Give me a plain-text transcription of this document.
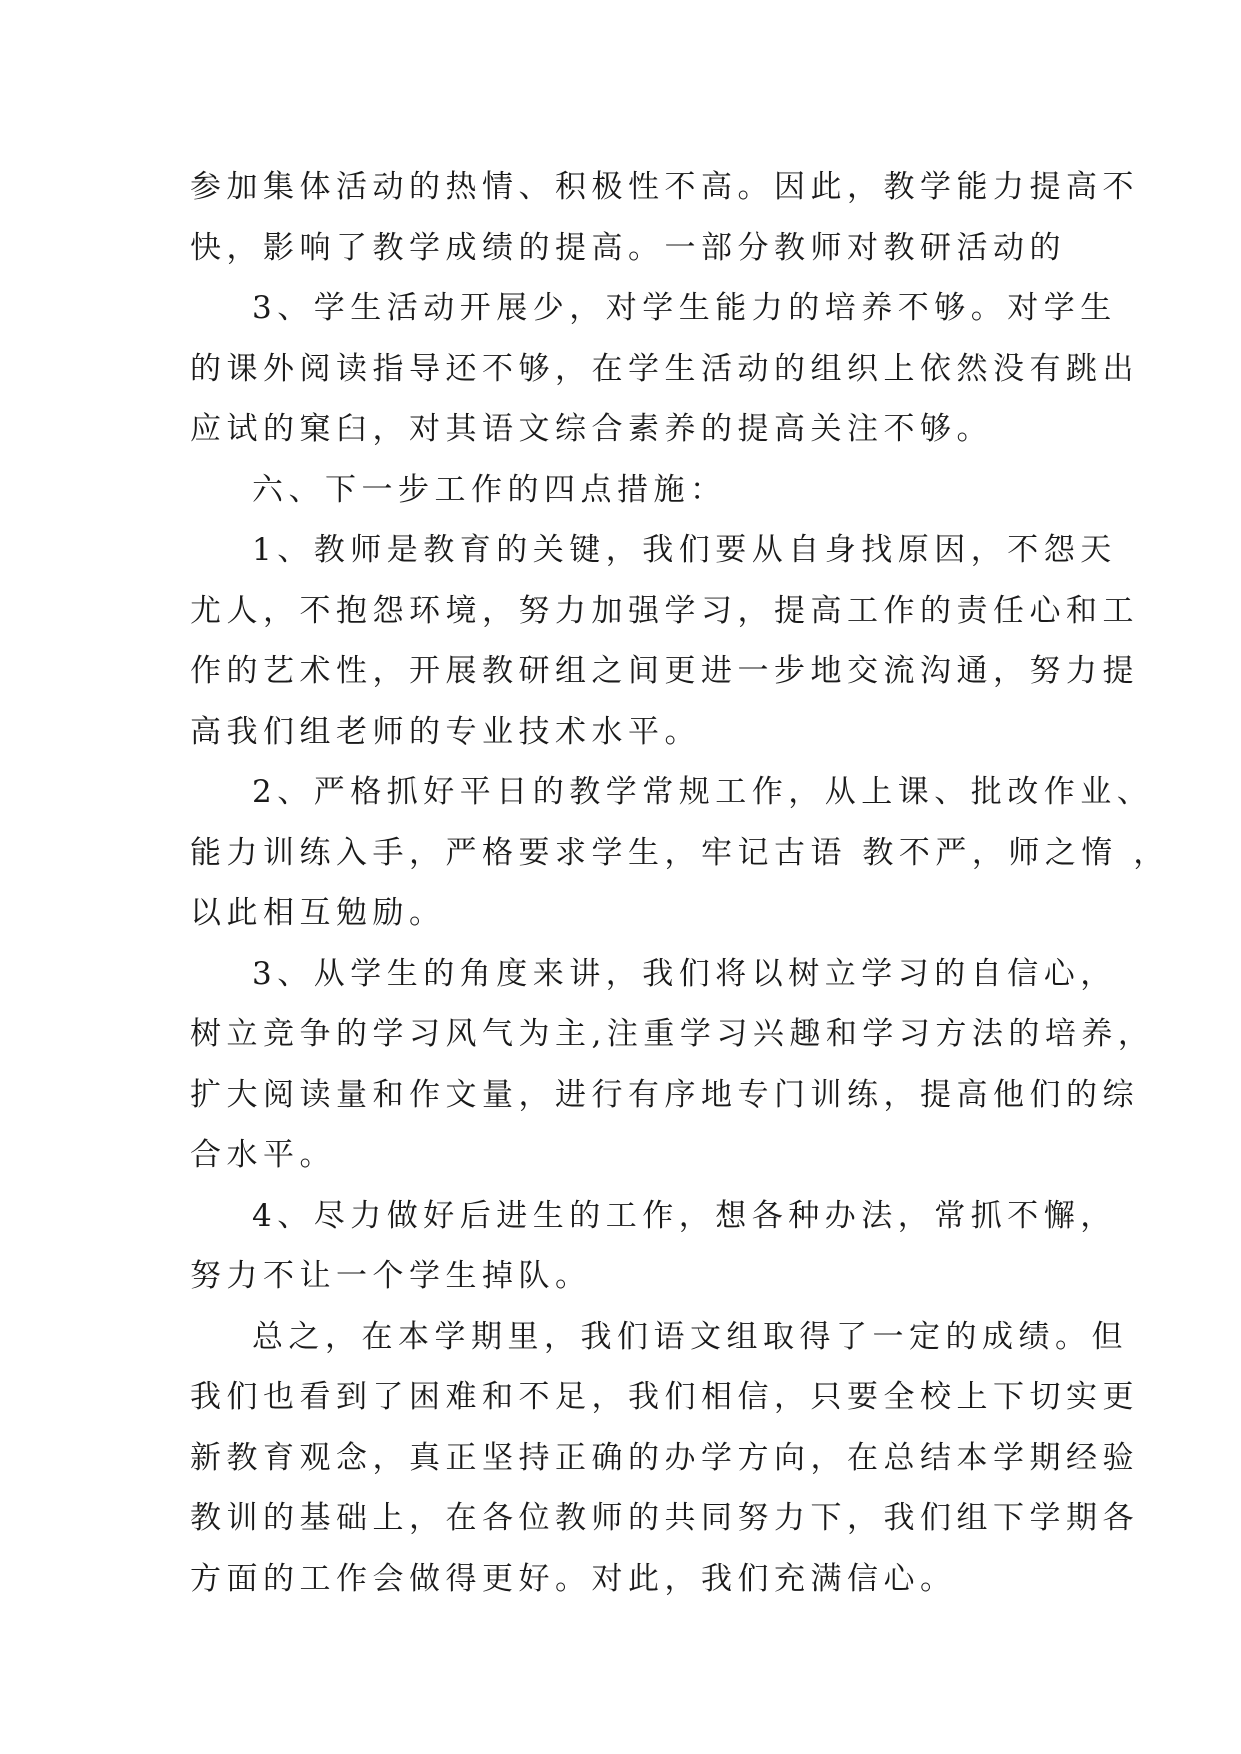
参加集体活动的热情、积极性不高。因此，教学能力提高不
快，影响了教学成绩的提高。一部分教师对教研活动的
3、学生活动开展少，对学生能力的培养不够。对学生
的课外阅读指导还不够，在学生活动的组织上依然没有跳出
应试的窠臼，对其语文综合素养的提高关注不够。
六、下一步工作的四点措施：
1、教师是教育的关键，我们要从自身找原因，不怨天
尤人，不抱怨环境，努力加强学习，提高工作的责任心和工
作的艺术性，开展教研组之间更进一步地交流沟通，努力提
高我们组老师的专业技术水平。
2、严格抓好平日的教学常规工作，从上课、批改作业、
能力训练入手，严格要求学生，牢记古语 教不严，师之惰 ，
以此相互勉励。
3、从学生的角度来讲，我们将以树立学习的自信心，
树立竞争的学习风气为主,注重学习兴趣和学习方法的培养，
扩大阅读量和作文量，进行有序地专门训练，提高他们的综
合水平。
4、尽力做好后进生的工作，想各种办法，常抓不懈，
努力不让一个学生掉队。
总之，在本学期里，我们语文组取得了一定的成绩。但
我们也看到了困难和不足，我们相信，只要全校上下切实更
新教育观念，真正坚持正确的办学方向，在总结本学期经验
教训的基础上，在各位教师的共同努力下，我们组下学期各
方面的工作会做得更好。对此，我们充满信心。
